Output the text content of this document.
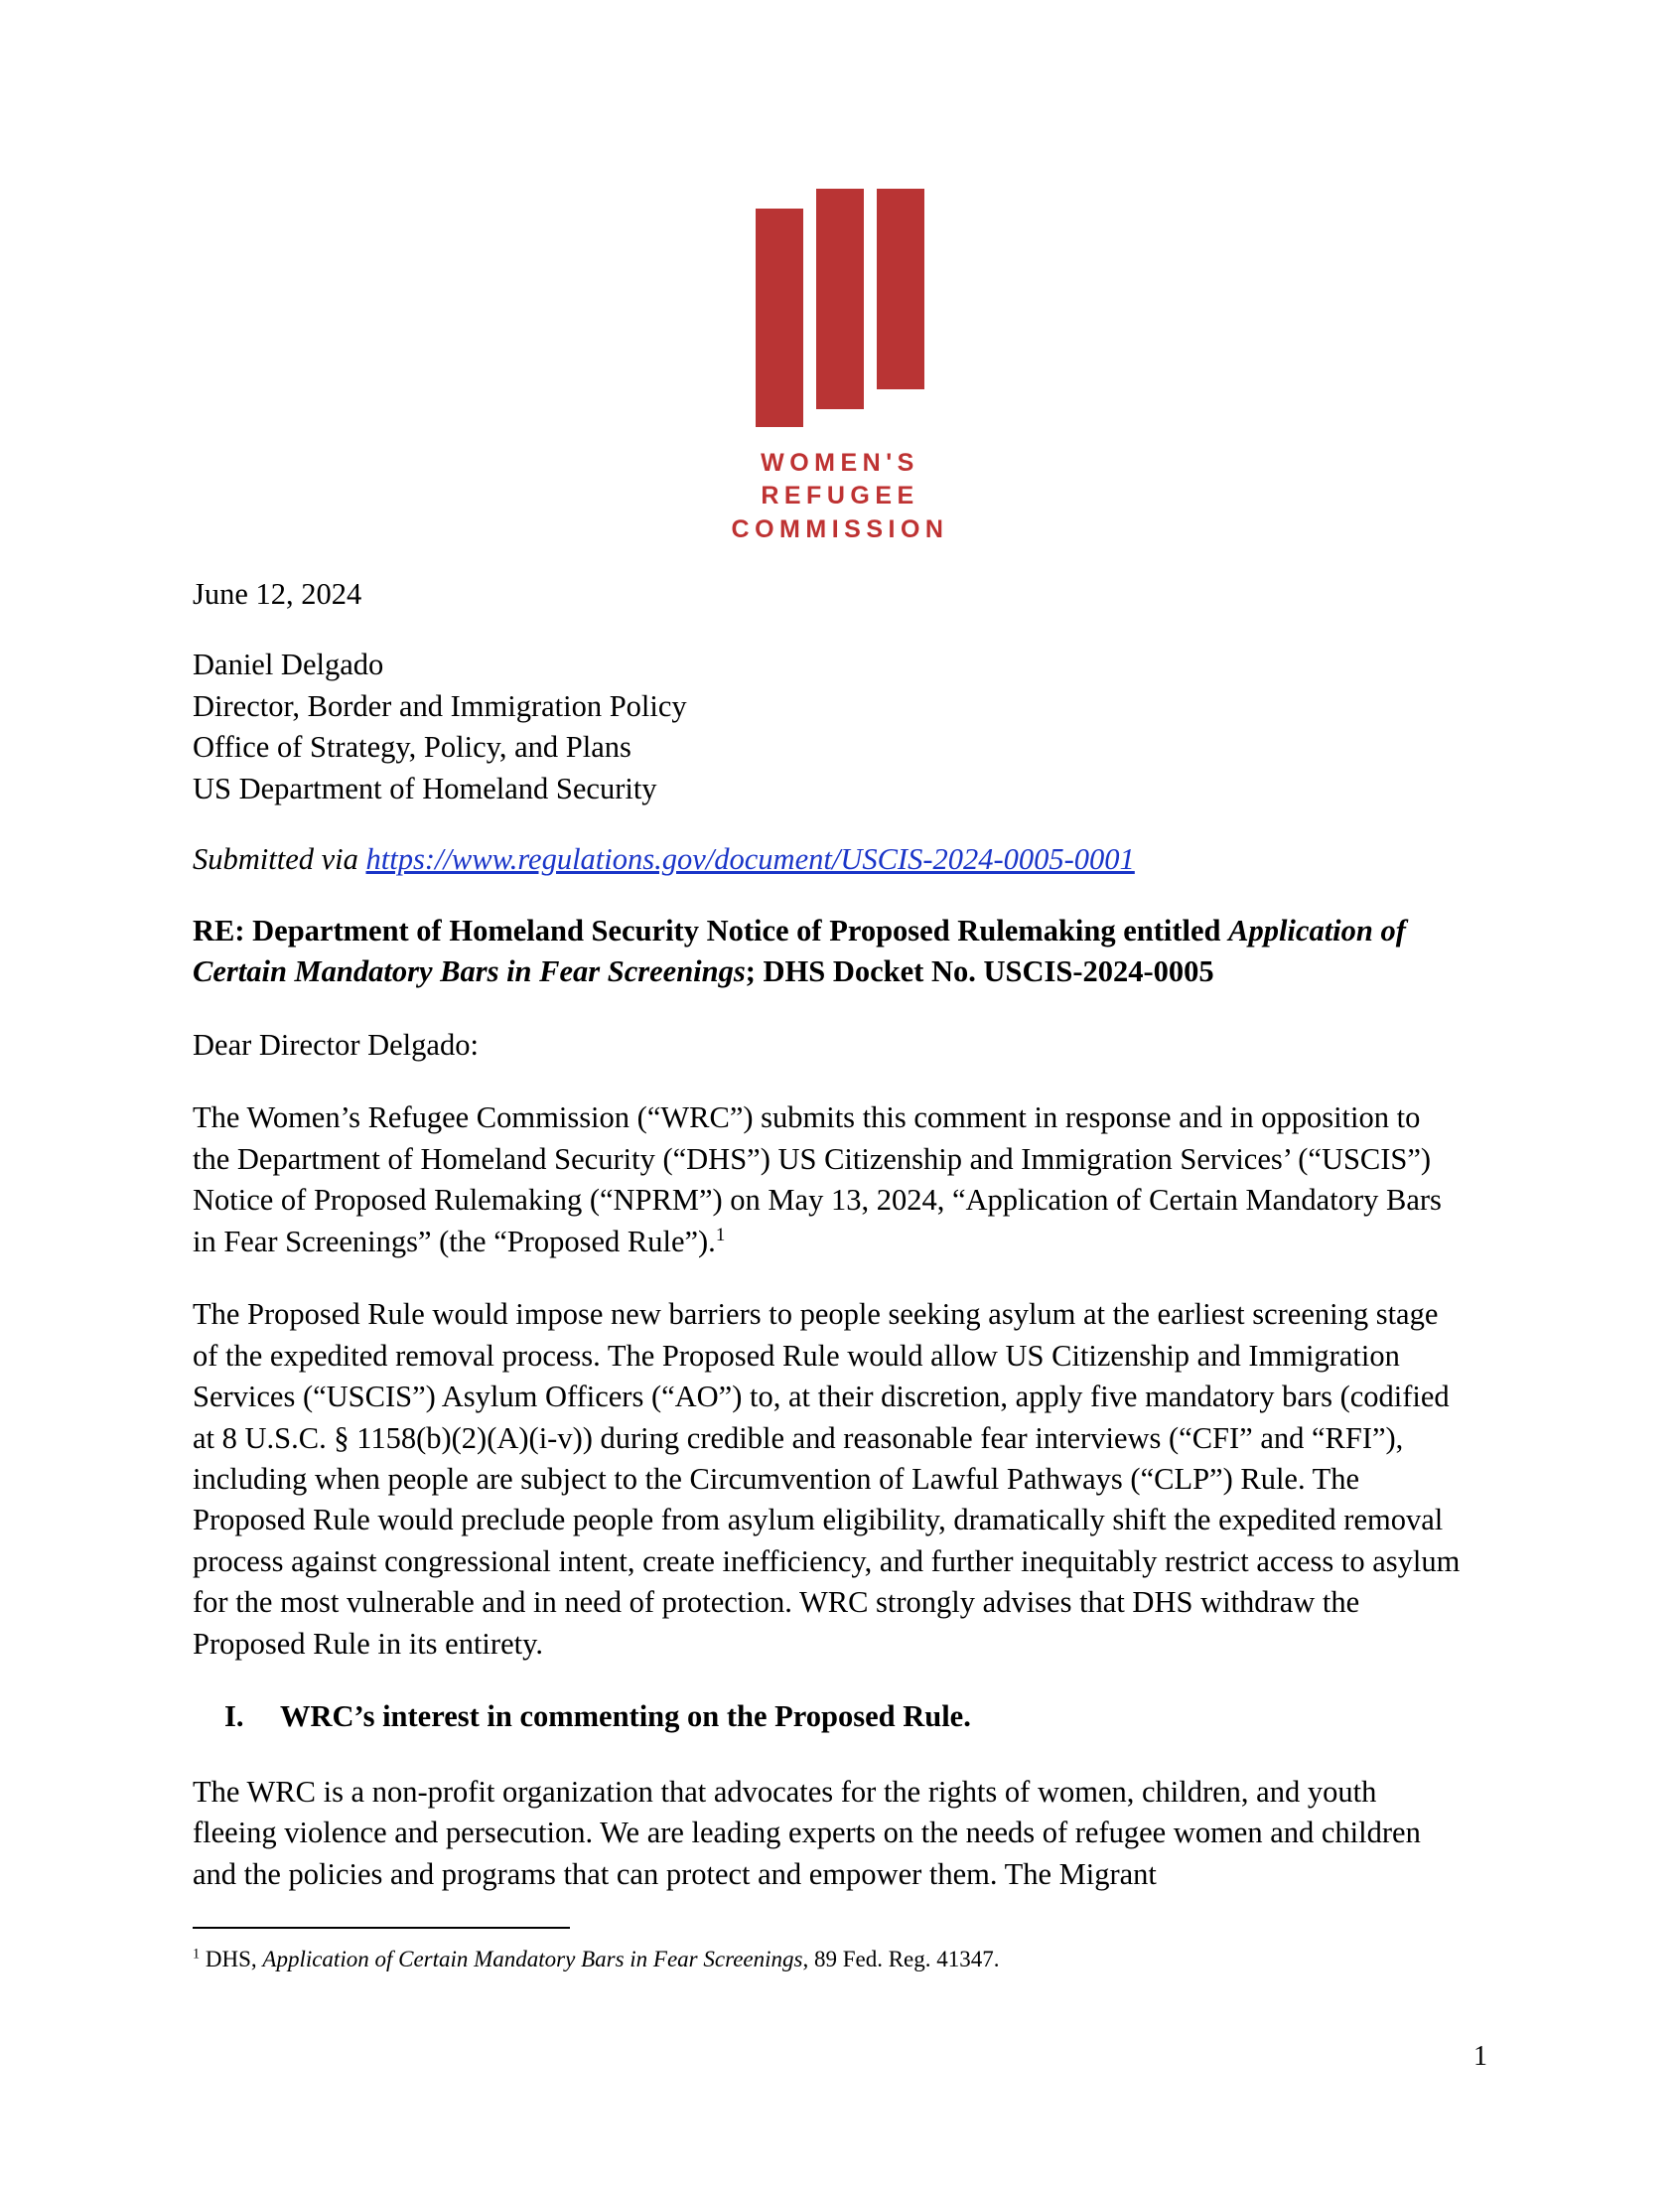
WOMEN'S
REFUGEE
COMMISSION
June 12, 2024
Daniel Delgado
Director, Border and Immigration Policy
Office of Strategy, Policy, and Plans
US Department of Homeland Security
Submitted via https://www.regulations.gov/document/USCIS-2024-0005-0001
RE: Department of Homeland Security Notice of Proposed Rulemaking entitled Application of Certain Mandatory Bars in Fear Screenings; DHS Docket No. USCIS-2024-0005
Dear Director Delgado:
The Women’s Refugee Commission (“WRC”) submits this comment in response and in opposition to the Department of Homeland Security (“DHS”) US Citizenship and Immigration Services’ (“USCIS”) Notice of Proposed Rulemaking (“NPRM”) on May 13, 2024, “Application of Certain Mandatory Bars in Fear Screenings” (the “Proposed Rule”).$^1$
The Proposed Rule would impose new barriers to people seeking asylum at the earliest screening stage of the expedited removal process. The Proposed Rule would allow US Citizenship and Immigration Services (“USCIS”) Asylum Officers (“AO”) to, at their discretion, apply five mandatory bars (codified at 8 U.S.C. § 1158(b)(2)(A)(i-v)) during credible and reasonable fear interviews (“CFI” and “RFI”), including when people are subject to the Circumvention of Lawful Pathways (“CLP”) Rule. The Proposed Rule would preclude people from asylum eligibility, dramatically shift the expedited removal process against congressional intent, create inefficiency, and further inequitably restrict access to asylum for the most vulnerable and in need of protection. WRC strongly advises that DHS withdraw the Proposed Rule in its entirety.
I.	WRC’s interest in commenting on the Proposed Rule.
The WRC is a non-profit organization that advocates for the rights of women, children, and youth fleeing violence and persecution. We are leading experts on the needs of refugee women and children and the policies and programs that can protect and empower them. The Migrant
$^1$ DHS, Application of Certain Mandatory Bars in Fear Screenings, 89 Fed. Reg. 41347.
1
